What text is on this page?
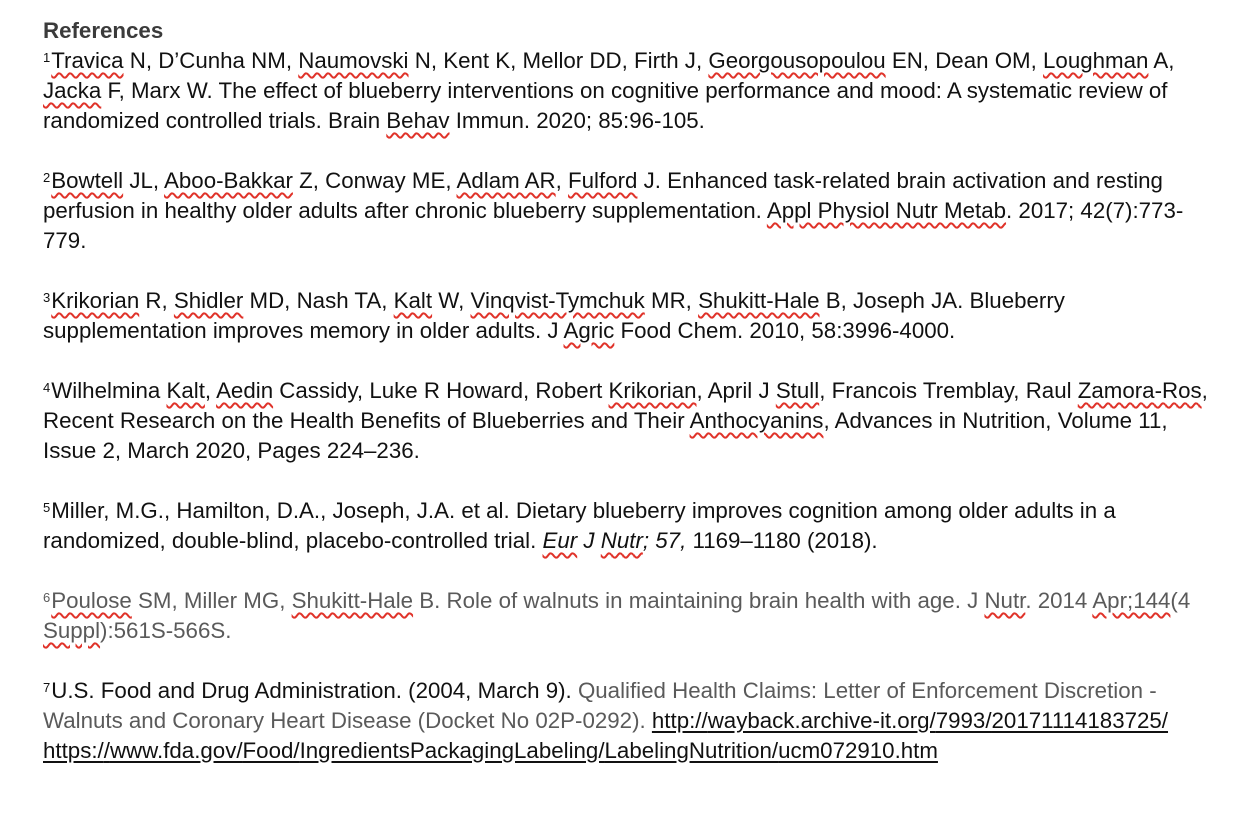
References

$^1$Travica N, D’Cunha NM, Naumovski N, Kent K, Mellor DD, Firth J, Georgousopoulou EN, Dean OM, Loughman A, Jacka F, Marx W. The effect of blueberry interventions on cognitive performance and mood: A systematic review of randomized controlled trials. Brain Behav Immun. 2020; 85:96-105.

$^2$Bowtell JL, Aboo-Bakkar Z, Conway ME, Adlam AR, Fulford J. Enhanced task-related brain activation and resting perfusion in healthy older adults after chronic blueberry supplementation. Appl Physiol Nutr Metab. 2017; 42(7):773-779.

$^3$Krikorian R, Shidler MD, Nash TA, Kalt W, Vinqvist-Tymchuk MR, Shukitt-Hale B, Joseph JA. Blueberry supplementation improves memory in older adults. J Agric Food Chem. 2010, 58:3996-4000.

$^4$Wilhelmina Kalt, Aedin Cassidy, Luke R Howard, Robert Krikorian, April J Stull, Francois Tremblay, Raul Zamora-Ros, Recent Research on the Health Benefits of Blueberries and Their Anthocyanins, Advances in Nutrition, Volume 11, Issue 2, March 2020, Pages 224–236.

$^5$Miller, M.G., Hamilton, D.A., Joseph, J.A. et al. Dietary blueberry improves cognition among older adults in a randomized, double-blind, placebo-controlled trial. Eur J Nutr; 57, 1169–1180 (2018).

$^6$Poulose SM, Miller MG, Shukitt-Hale B. Role of walnuts in maintaining brain health with age. J Nutr. 2014 Apr;144(4 Suppl):561S-566S.

$^7$U.S. Food and Drug Administration. (2004, March 9). Qualified Health Claims: Letter of Enforcement Discretion - Walnuts and Coronary Heart Disease (Docket No 02P-0292). http://wayback.archive-it.org/7993/20171114183725/https://www.fda.gov/Food/IngredientsPackagingLabeling/LabelingNutrition/ucm072910.htm
